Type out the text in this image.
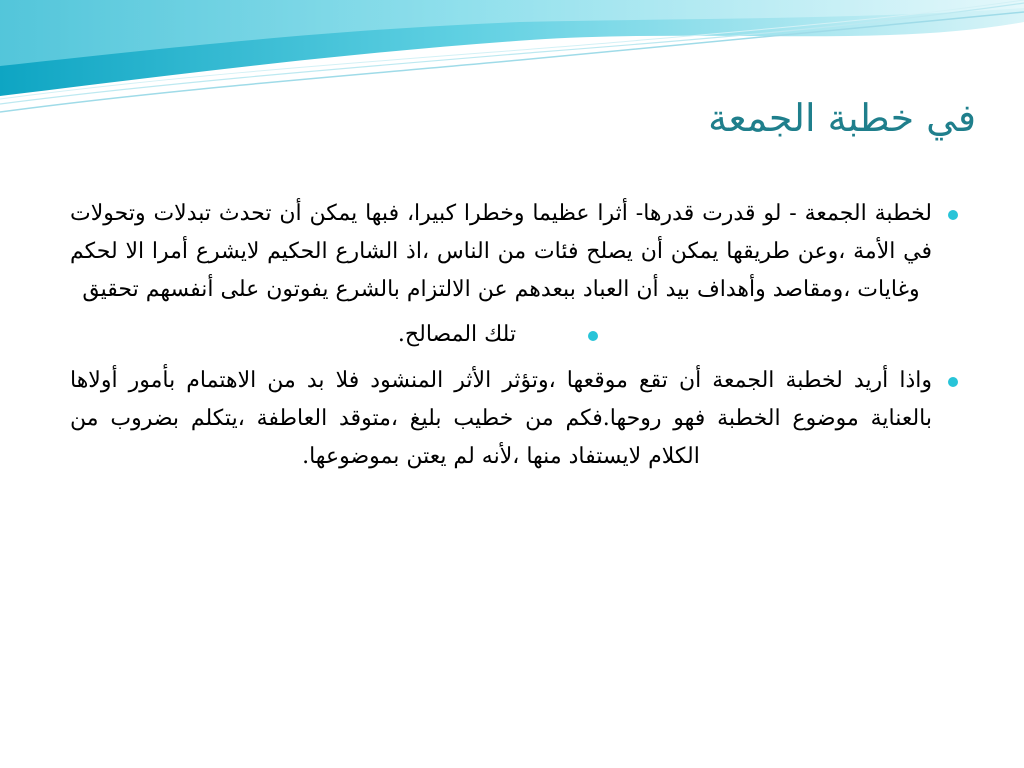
في خطبة الجمعة

لخطبة الجمعة - لو قدرت قدرها- أثرا عظيما وخطرا كبيرا، فبها يمكن أن تحدث تبدلات وتحولات في الأمة ،وعن طريقها يمكن أن يصلح فئات من الناس ،اذ الشارع الحكيم لايشرع أمرا الا لحكم وغايات ،ومقاصد وأهداف بيد أن العباد ببعدهم عن الالتزام بالشرع يفوتون على أنفسهم تحقيق

تلك المصالح.

واذا أريد لخطبة الجمعة أن تقع موقعها ،وتؤثر الأثر المنشود فلا بد من الاهتمام بأمور أولاها بالعناية موضوع الخطبة فهو روحها.فكم من خطيب بليغ ،متوقد العاطفة ،يتكلم بضروب من الكلام لايستفاد منها ،لأنه لم يعتن بموضوعها.
